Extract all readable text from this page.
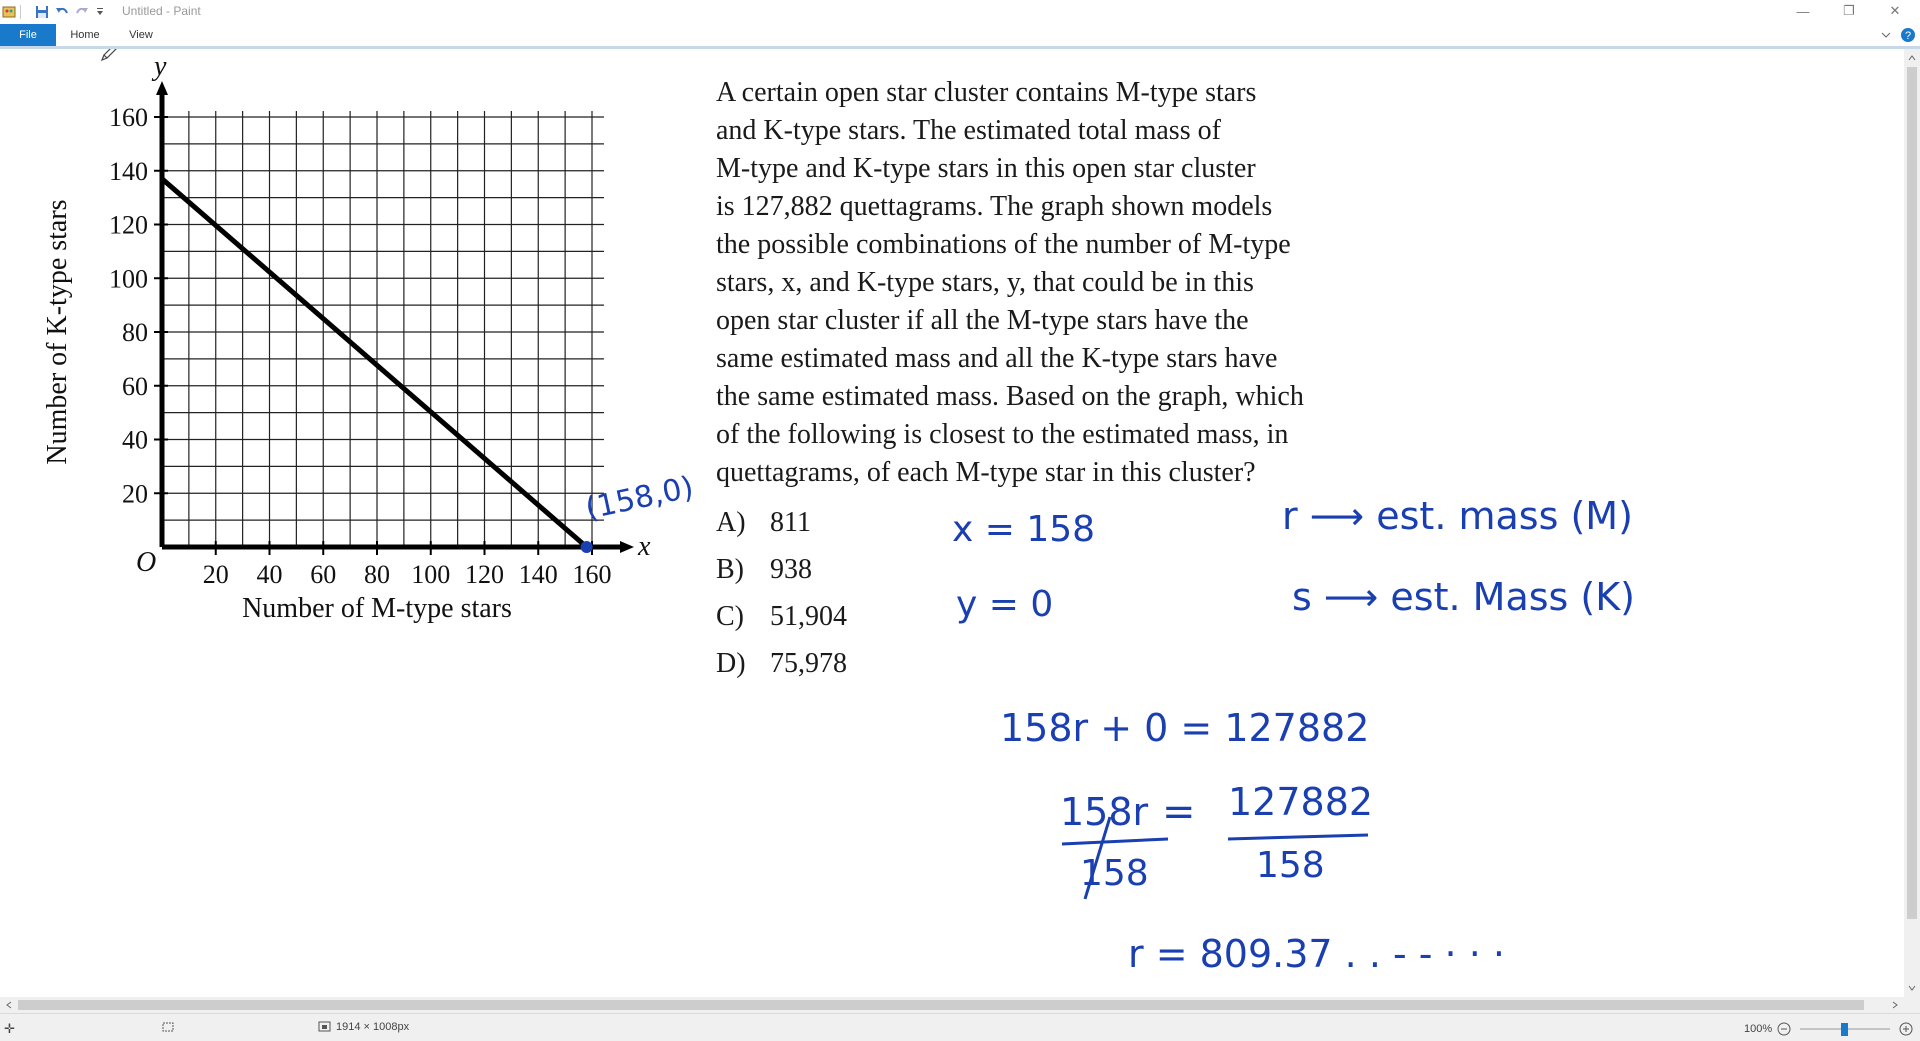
Untitled - Paint	—	❐	✕
File	Home	View	?
20 40 60 80 100 120 140 160
20
40
60
80
100
120
140
160
x
y
O
Number of M-type stars
Number of K-type stars
(158,0)
x = 158
y = 0
r ⟶ est. mass (M)
s ⟶ est. Mass (K)
158r + 0 = 127882
158r = 127882
158	158
r = 809.37 . . - - · · ·
A certain open star cluster contains M-type stars
and K-type stars. The estimated total mass of
M-type and K-type stars in this open star cluster
is 127,882 quettagrams. The graph shown models
the possible combinations of the number of M-type
stars, x, and K-type stars, y, that could be in this
open star cluster if all the M-type stars have the
same estimated mass and all the K-type stars have
the same estimated mass. Based on the graph, which
of the following is closest to the estimated mass, in
quettagrams, of each M-type star in this cluster?
A) 811
B) 938
C) 51,904
D) 75,978
✛	1914 × 1008px	100%
